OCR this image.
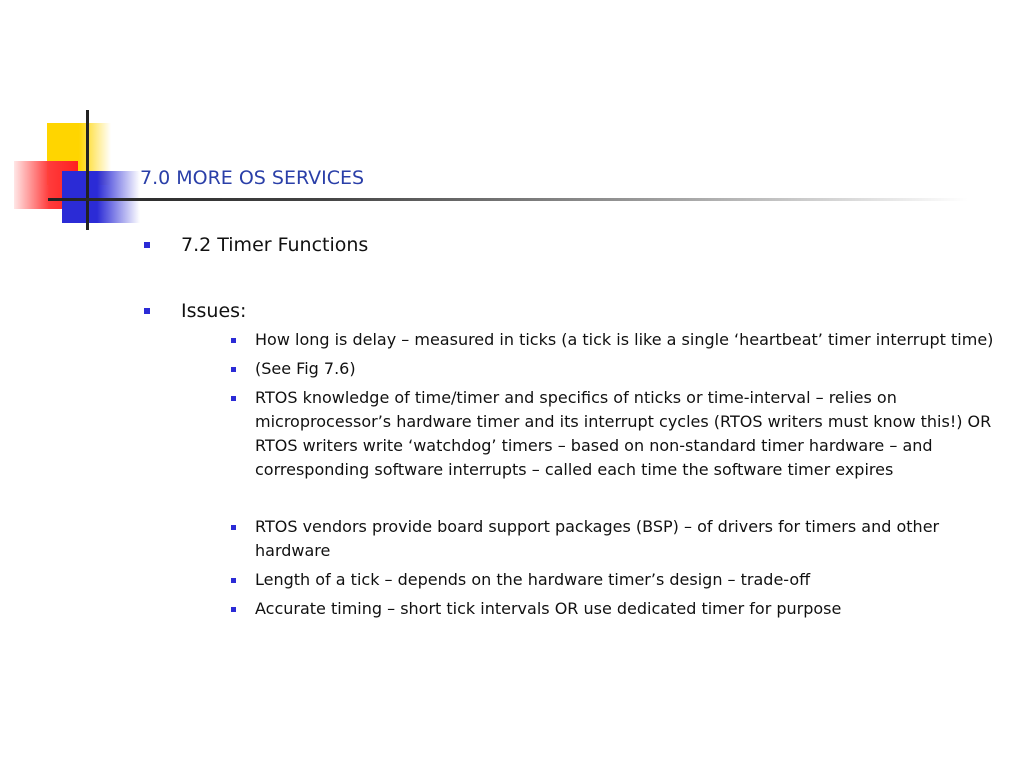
7.0 MORE OS SERVICES
7.2 Timer Functions
Issues:
How long is delay – measured in ticks (a tick is like a single ‘heartbeat’ timer interrupt time)
(See Fig 7.6)
RTOS knowledge of time/timer and specifics of nticks or time-interval – relies on microprocessor’s hardware timer and its interrupt cycles (RTOS writers must know this!) OR RTOS writers write ‘watchdog’ timers – based on non-standard timer hardware – and corresponding software interrupts – called each time the software timer expires
RTOS vendors provide board support packages (BSP) – of drivers for timers and other hardware
Length of a tick – depends on the hardware timer’s design – trade-off
Accurate timing – short tick intervals OR use dedicated timer for purpose
